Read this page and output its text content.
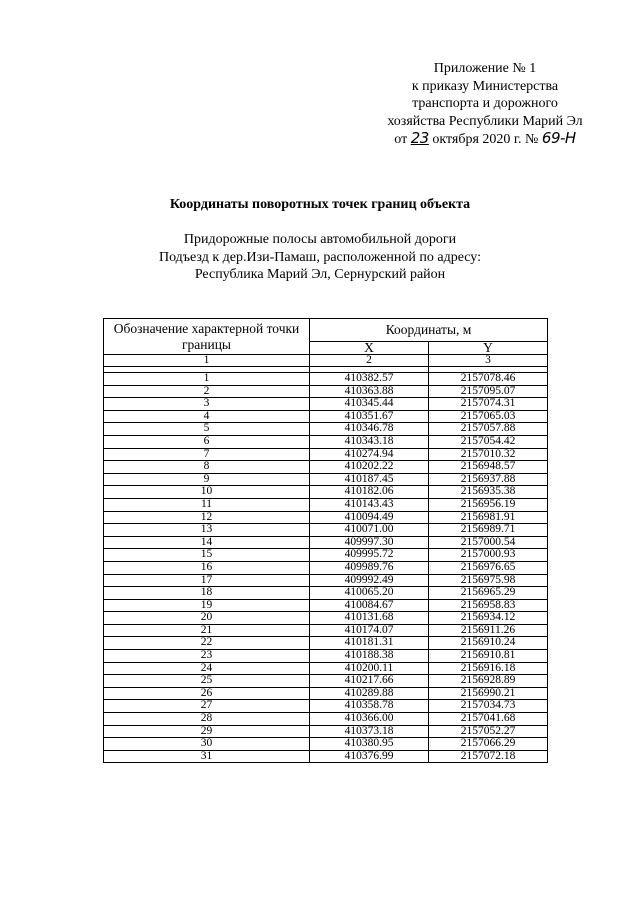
Приложение № 1
к приказу Министерства
транспорта и дорожного
хозяйства Республики Марий Эл
от 23 октября 2020 г. № 69-Н
Координаты поворотных точек границ объекта
Придорожные полосы автомобильной дороги
Подъезд к дер.Изи-Памаш, расположенной по адресу:
Республика Марий Эл, Сернурский район
Обозначение характерной точки границы	Координаты, м	
	X	Y
1	2	3

1	410382.57	2157078.46
2	410363.88	2157095.07
3	410345.44	2157074.31
4	410351.67	2157065.03
5	410346.78	2157057.88
6	410343.18	2157054.42
7	410274.94	2157010.32
8	410202.22	2156948.57
9	410187.45	2156937.88
10	410182.06	2156935.38
11	410143.43	2156956.19
12	410094.49	2156981.91
13	410071.00	2156989.71
14	409997.30	2157000.54
15	409995.72	2157000.93
16	409989.76	2156976.65
17	409992.49	2156975.98
18	410065.20	2156965.29
19	410084.67	2156958.83
20	410131.68	2156934.12
21	410174.07	2156911.26
22	410181.31	2156910.24
23	410188.38	2156910.81
24	410200.11	2156916.18
25	410217.66	2156928.89
26	410289.88	2156990.21
27	410358.78	2157034.73
28	410366.00	2157041.68
29	410373.18	2157052.27
30	410380.95	2157066.29
31	410376.99	2157072.18
